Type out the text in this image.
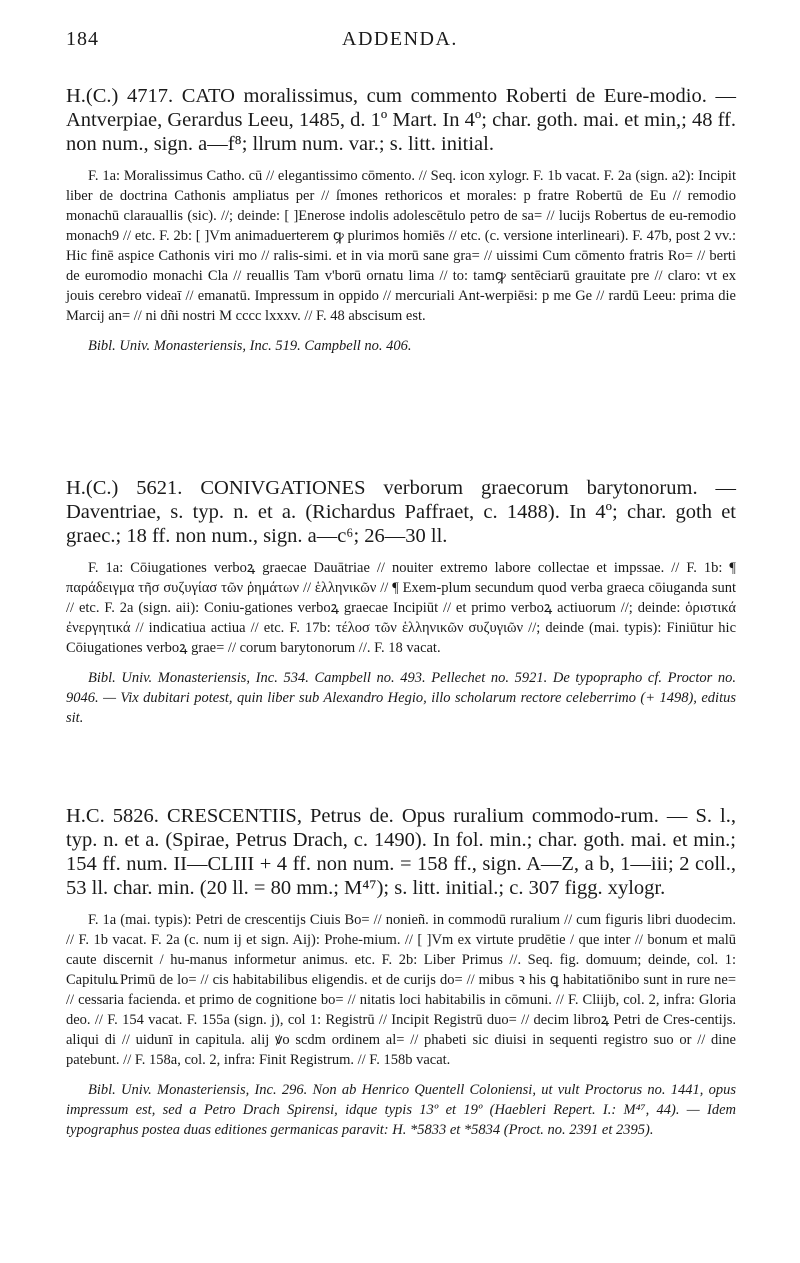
184	ADDENDA.

H.(C.) 4717. CATO moralissimus, cum commento Roberti de Eure-modio. — Antverpiae, Gerardus Leeu, 1485, d. 1º Mart. In 4º; char. goth. mai. et min,; 48 ff. non num., sign. a—f⁸; llrum num. var.; s. litt. initial.

F. 1a: Moralissimus Catho. cū // elegantissimo cōmento. // Seq. icon xylogr. F. 1b vacat. F. 2a (sign. a2): Incipit liber de doctrina Cathonis ampliatus per // ſmones rethoricos et morales: p fratre Robertū de Eu // remodio monachū clarauallis (sic). //; deinde: [ ]Enerose indolis adolescētulo petro de sa= // lucijs Robertus de eu-remodio monach9 // etc. F. 2b: [ ]Vm animaduerterem ꝙ plurimos homiēs // etc. (c. versione interlineari). F. 47b, post 2 vv.: Hic finē aspice Cathonis viri mo // ralis-simi. et in via morū sane gra= // uissimi Cum cōmento fratris Ro= // berti de euromodio monachi Cla // reuallis Tam v'borū ornatu lima // to: tamꝙ sentēciarū grauitate pre // claro: vt ex jouis cerebro videaī // emanatū. Impressum in oppido // mercuriali Ant-werpiēsi: p me Ge // rardū Leeu: prima die Marcij an= // ni dñi nostri M cccc lxxxv. // F. 48 abscisum est.

Bibl. Univ. Monasteriensis, Inc. 519. Campbell no. 406.

H.(C.) 5621. CONIVGATIONES verborum graecorum barytonorum. — Daventriae, s. typ. n. et a. (Richardus Paffraet, c. 1488). In 4º; char. goth et graec.; 18 ff. non num., sign. a—c⁶; 26—30 ll.

F. 1a: Cōiugationes verboꝝ graecae Dauātriae // nouiter extremo labore collectae et impssae. // F. 1b: ¶ παράδειγμα τῆσ συζυγίασ τῶν ῥημάτων // ἑλληνικῶν // ¶ Exem-plum secundum quod verba graeca cōiuganda sunt // etc. F. 2a (sign. aii): Coniu-gationes verboꝝ graecae Incipiūt // et primo verboꝝ actiuorum //; deinde: ὁριστικά ἐνεργητικά // indicatiua actiua // etc. F. 17b: τέλοσ τῶν ἑλληνικῶν συζυγιῶν //; deinde (mai. typis): Finiūtur hic Cōiugationes verboꝝ grae= // corum barytonorum //. F. 18 vacat.

Bibl. Univ. Monasteriensis, Inc. 534. Campbell no. 493. Pellechet no. 5921. De typopraрho cf. Proctor no. 9046. — Vix dubitari potest, quin liber sub Alexandro Hegio, illo scholarum rectore celeberrimo (+ 1498), editus sit.

H.C. 5826. CRESCENTIIS, Petrus de. Opus ruralium commodo-rum. — S. l., typ. n. et a. (Spirae, Petrus Drach, c. 1490). In fol. min.; char. goth. mai. et min.; 154 ff. num. II—CLIII + 4 ff. non num. = 158 ff., sign. A—Z, a b, 1—iii; 2 coll., 53 ll. char. min. (20 ll. = 80 mm.; M⁴⁷); s. litt. initial.; c. 307 figg. xylogr.

F. 1a (mai. typis): Petri de crescentijs Ciuis Bo= // nonieñ. in commodū ruralium // cum figuris libri duodecim. // F. 1b vacat. F. 2a (c. num ij et sign. Aij): Prohe-mium. // [ ]Vm ex virtute prudētie / que inter // bonum et malū caute discernit / hu-manus informetur animus. etc. F. 2b: Liber Primus //. Seq. fig. domuum; deinde, col. 1: Capitulu꜡ Primū de lo= // cis habitabilibus eligendis. et de curijs do= // mibus ꝛ his ꝗ habitatiōnibo sunt in rure ne= // cessaria facienda. et primo de cognitione bo= // nitatis loci habitabilis in cōmuni. // F. Cliijb, col. 2, infra: Gloria deo. // F. 154 vacat. F. 155a (sign. j), col 1: Registrū // Incipit Registrū duo= // decim libroꝝ Petri de Cres-centijs. aliqui di // uidunī in capitula. alij ꝟo scdm ordinem al= // phabeti sic diuisi in sequenti registro suo or // dine patebunt. // F. 158a, col. 2, infra: Finit Registrum. // F. 158b vacat.

Bibl. Univ. Monasteriensis, Inc. 296. Non ab Henrico Quentell Coloniensi, ut vult Proctorus no. 1441, opus impressum est, sed a Petro Drach Spirensi, idque typis 13º et 19º (Haebleri Repert. I.: M⁴⁷, 44). — Idem typographus postea duas editiones germanicas paravit: H. *5833 et *5834 (Proct. no. 2391 et 2395).
